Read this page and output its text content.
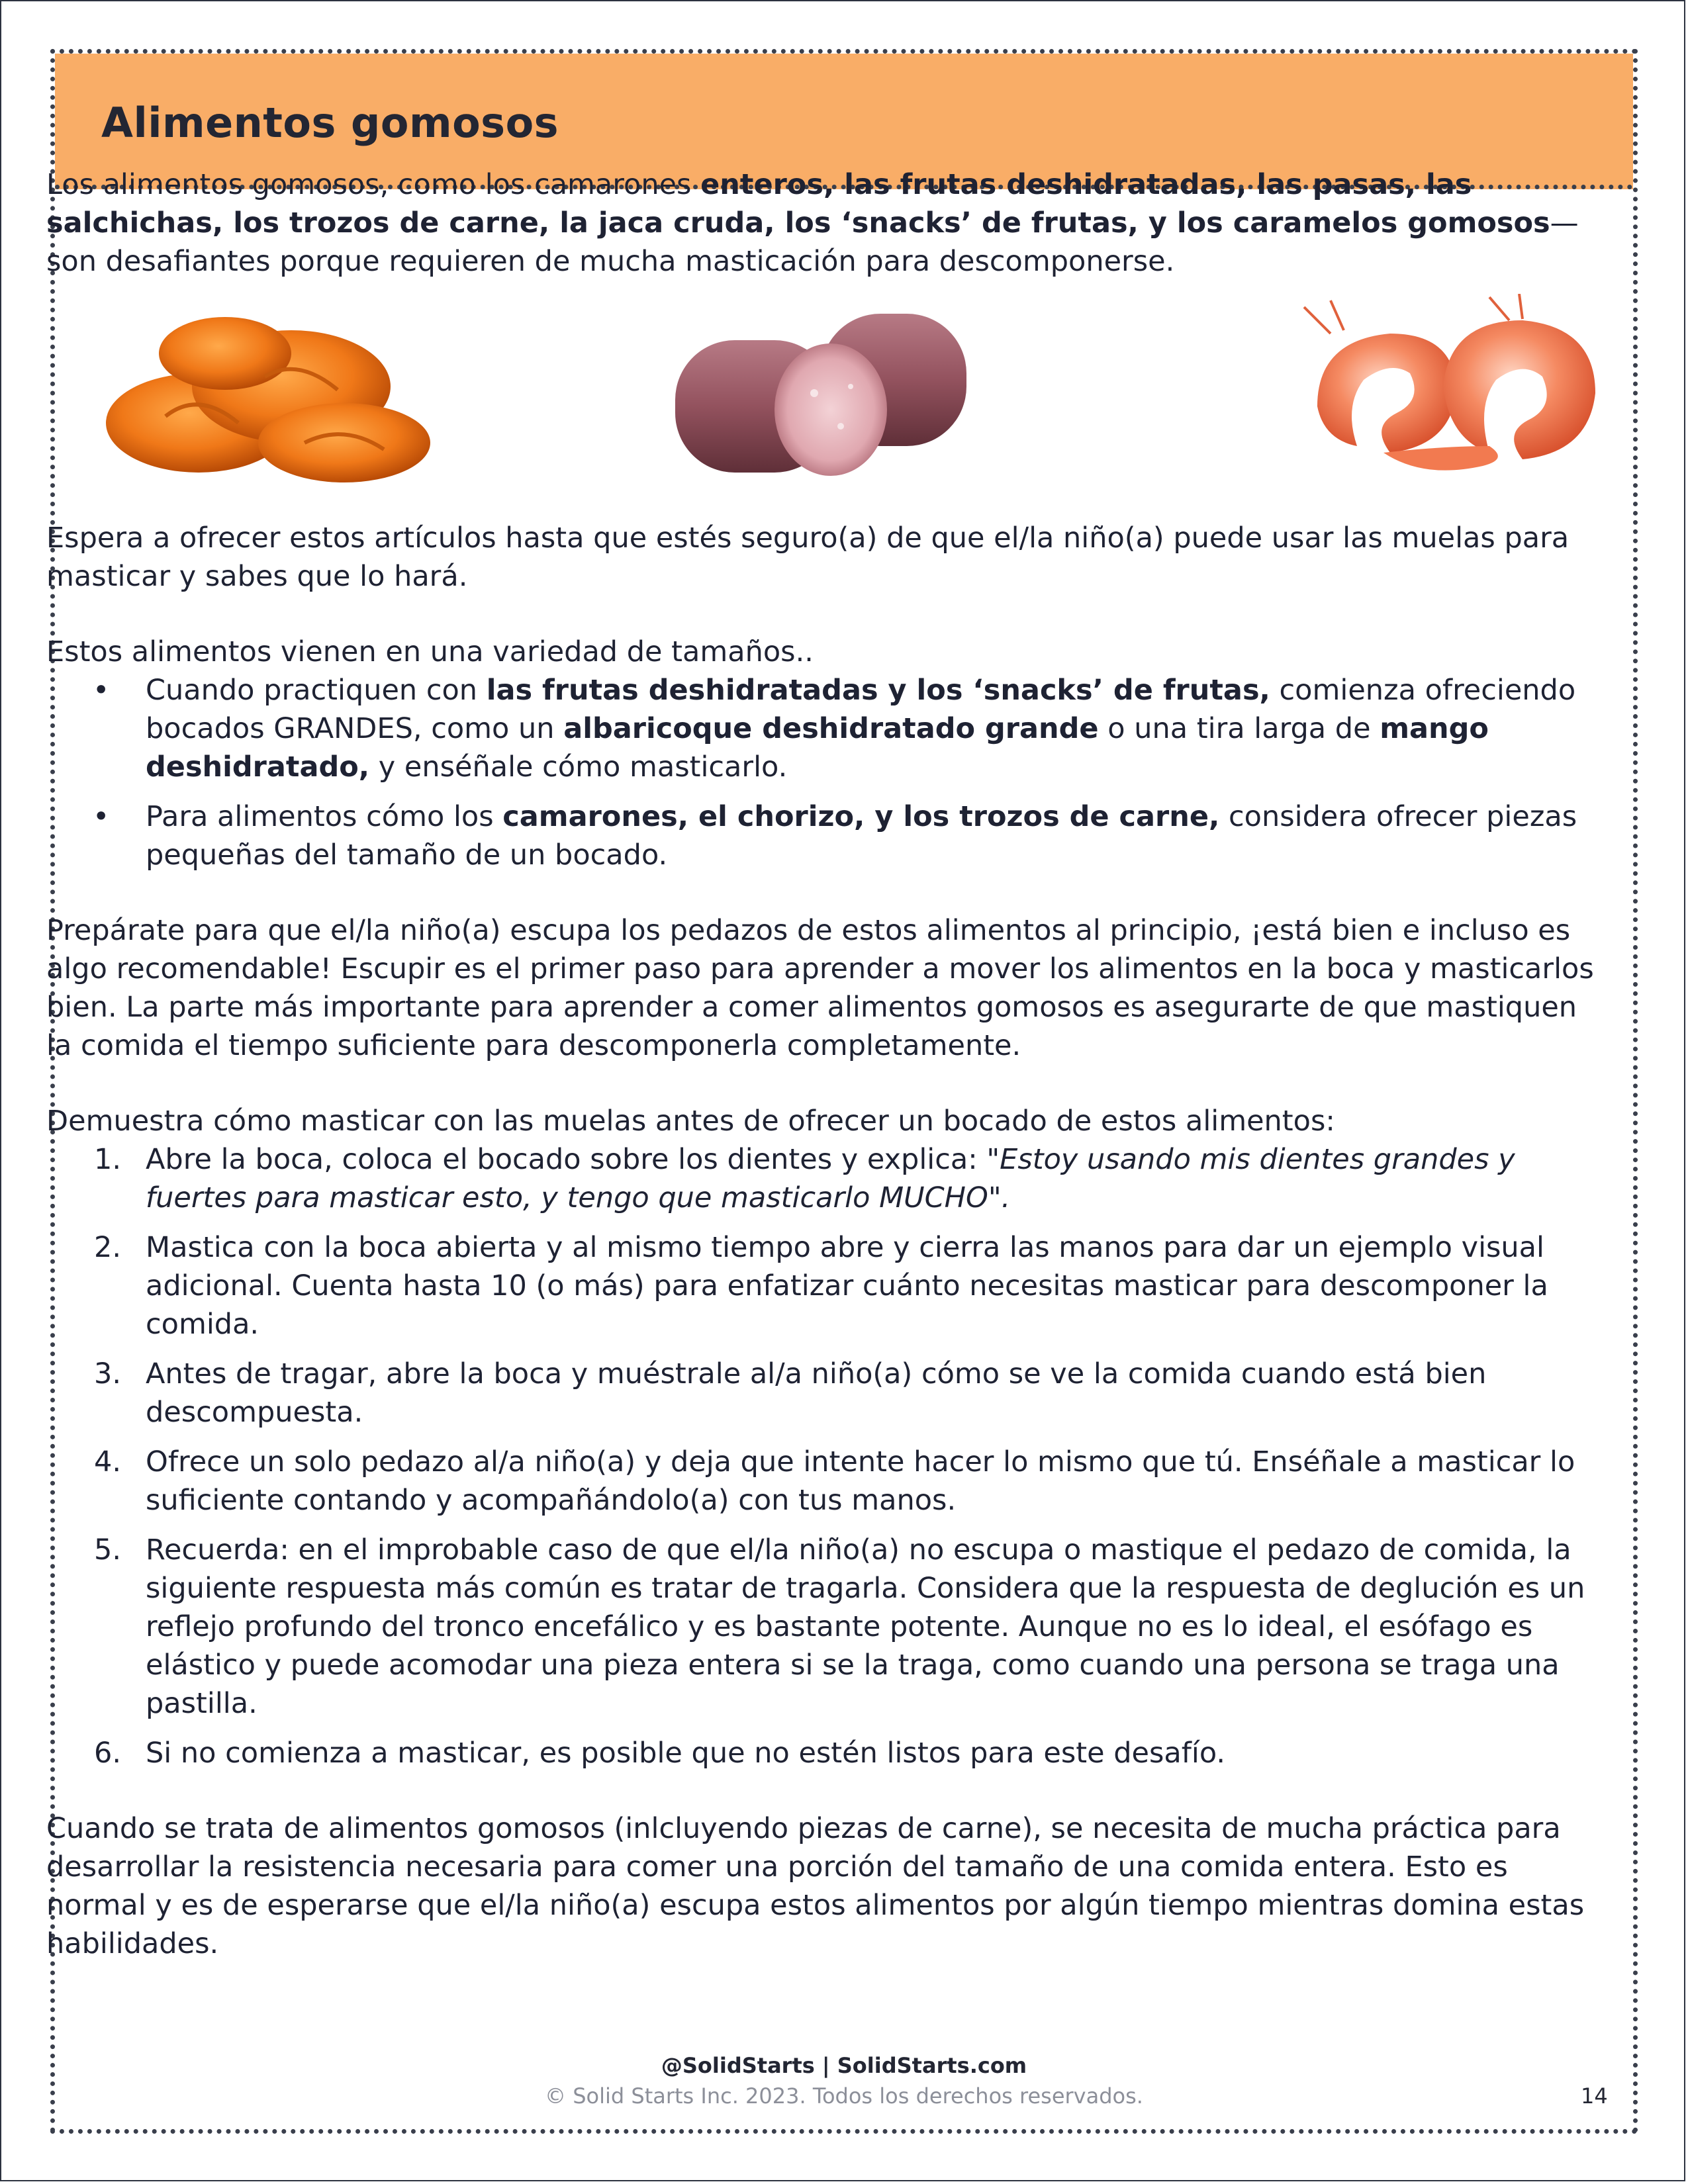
Alimentos gomosos

Los alimentos gomosos, como los camarones enteros, las frutas deshidratadas, las pasas, las salchichas, los trozos de carne, la jaca cruda, los ‘snacks’ de frutas, y los caramelos gomosos— son desafiantes porque requieren de mucha masticación para descomponerse.

Espera a ofrecer estos artículos hasta que estés seguro(a) de que el/la niño(a) puede usar las muelas para masticar y sabes que lo hará.

Estos alimentos vienen en una variedad de tamaños..

•	Cuando practiquen con las frutas deshidratadas y los ‘snacks’ de frutas, comienza ofreciendo bocados GRANDES, como un albaricoque deshidratado grande o una tira larga de mango deshidratado, y enséñale cómo masticarlo.
•	Para alimentos cómo los camarones, el chorizo, y los trozos de carne, considera ofrecer piezas pequeñas del tamaño de un bocado.

Prepárate para que el/la niño(a) escupa los pedazos de estos alimentos al principio, ¡está bien e incluso es algo recomendable! Escupir es el primer paso para aprender a mover los alimentos en la boca y masticarlos bien. La parte más importante para aprender a comer alimentos gomosos es asegurarte de que mastiquen la comida el tiempo suficiente para descomponerla completamente.

Demuestra cómo masticar con las muelas antes de ofrecer un bocado de estos alimentos:

1. Abre la boca, coloca el bocado sobre los dientes y explica: "Estoy usando mis dientes grandes y fuertes para masticar esto, y tengo que masticarlo MUCHO".
2. Mastica con la boca abierta y al mismo tiempo abre y cierra las manos para dar un ejemplo visual adicional. Cuenta hasta 10 (o más) para enfatizar cuánto necesitas masticar para descomponer la comida.
3. Antes de tragar, abre la boca y muéstrale al/a niño(a) cómo se ve la comida cuando está bien descompuesta.
4. Ofrece un solo pedazo al/a niño(a) y deja que intente hacer lo mismo que tú. Enséñale a masticar lo suficiente contando y acompañándolo(a) con tus manos.
5. Recuerda: en el improbable caso de que el/la niño(a) no escupa o mastique el pedazo de comida, la siguiente respuesta más común es tratar de tragarla. Considera que la respuesta de deglución es un reflejo profundo del tronco encefálico y es bastante potente. Aunque no es lo ideal, el esófago es elástico y puede acomodar una pieza entera si se la traga, como cuando una persona se traga una pastilla.
6. Si no comienza a masticar, es posible que no estén listos para este desafío.

Cuando se trata de alimentos gomosos (inlcluyendo piezas de carne), se necesita de mucha práctica para desarrollar la resistencia necesaria para comer una porción del tamaño de una comida entera. Esto es normal y es de esperarse que el/la niño(a) escupa estos alimentos por algún tiempo mientras domina estas habilidades.

@SolidStarts | SolidStarts.com
© Solid Starts Inc. 2023. Todos los derechos reservados.	14
